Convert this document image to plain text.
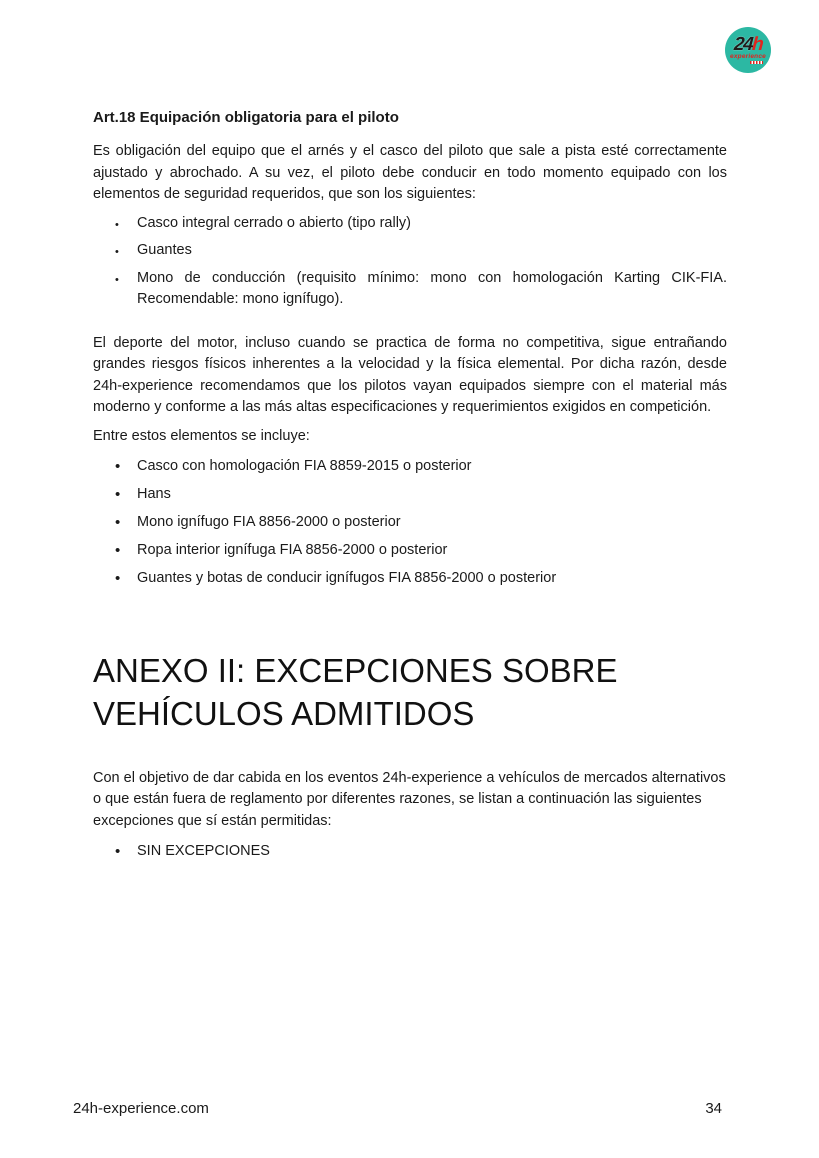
24h
experience
Art.18 Equipación obligatoria para el piloto

Es obligación del equipo que el arnés y el casco del piloto que sale a pista esté correctamente ajustado y abrochado. A su vez, el piloto debe conducir en todo momento equipado con los elementos de seguridad requeridos, que son los siguientes:

• Casco integral cerrado o abierto (tipo rally)
• Guantes
• Mono de conducción (requisito mínimo: mono con homologación Karting CIK-FIA. Recomendable: mono ignífugo).

El deporte del motor, incluso cuando se practica de forma no competitiva, sigue entrañando grandes riesgos físicos inherentes a la velocidad y la física elemental. Por dicha razón, desde 24h-experience recomendamos que los pilotos vayan equipados siempre con el material más moderno y conforme a las más altas especificaciones y requerimientos exigidos en competición.

Entre estos elementos se incluye:

• Casco con homologación FIA 8859-2015 o posterior
• Hans
• Mono ignífugo FIA 8856-2000 o posterior
• Ropa interior ignífuga FIA 8856-2000 o posterior
• Guantes y botas de conducir ignífugos FIA 8856-2000 o posterior
ANEXO II: EXCEPCIONES SOBRE VEHÍCULOS ADMITIDOS

Con el objetivo de dar cabida en los eventos 24h-experience a vehículos de mercados alternativos o que están fuera de reglamento por diferentes razones, se listan a continuación las siguientes excepciones que sí están permitidas:

• SIN EXCEPCIONES
24h-experience.com	34
